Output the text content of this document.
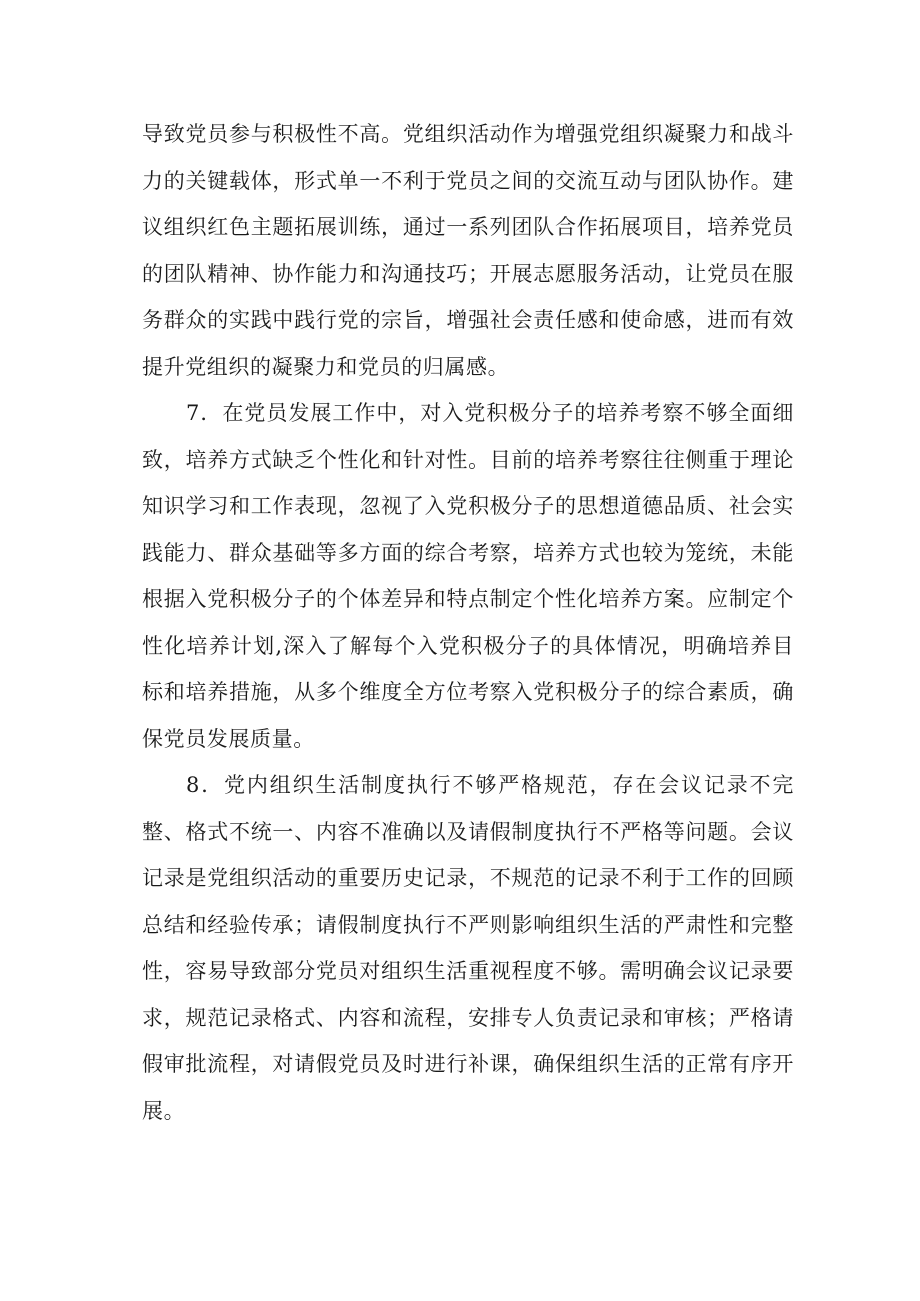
导致党员参与积极性不高。党组织活动作为增强党组织凝聚力和战斗力的关键载体，形式单一不利于党员之间的交流互动与团队协作。建议组织红色主题拓展训练，通过一系列团队合作拓展项目，培养党员的团队精神、协作能力和沟通技巧；开展志愿服务活动，让党员在服务群众的实践中践行党的宗旨，增强社会责任感和使命感，进而有效提升党组织的凝聚力和党员的归属感。

7．在党员发展工作中，对入党积极分子的培养考察不够全面细致，培养方式缺乏个性化和针对性。目前的培养考察往往侧重于理论知识学习和工作表现，忽视了入党积极分子的思想道德品质、社会实践能力、群众基础等多方面的综合考察，培养方式也较为笼统，未能根据入党积极分子的个体差异和特点制定个性化培养方案。应制定个性化培养计划,深入了解每个入党积极分子的具体情况，明确培养目标和培养措施，从多个维度全方位考察入党积极分子的综合素质，确保党员发展质量。

8．党内组织生活制度执行不够严格规范，存在会议记录不完整、格式不统一、内容不准确以及请假制度执行不严格等问题。会议记录是党组织活动的重要历史记录，不规范的记录不利于工作的回顾总结和经验传承；请假制度执行不严则影响组织生活的严肃性和完整性，容易导致部分党员对组织生活重视程度不够。需明确会议记录要求，规范记录格式、内容和流程，安排专人负责记录和审核；严格请假审批流程，对请假党员及时进行补课，确保组织生活的正常有序开展。
